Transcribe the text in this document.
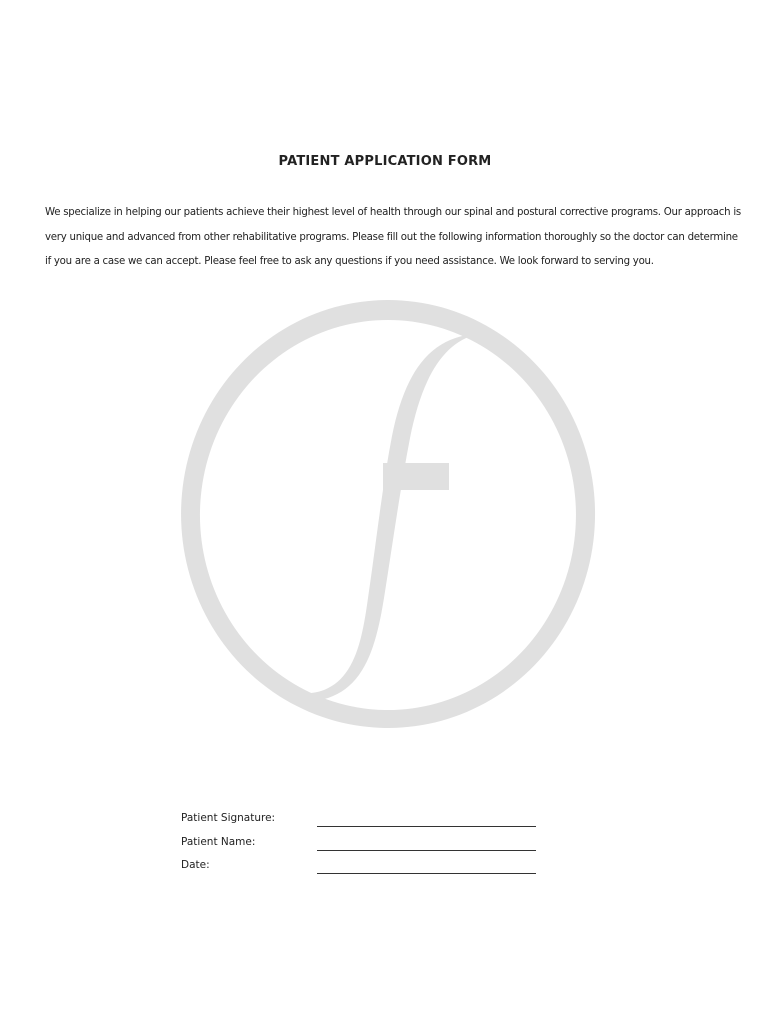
PATIENT APPLICATION FORM
We specialize in helping our patients achieve their highest level of health through our spinal and postural corrective programs. Our approach is very unique and advanced from other rehabilitative programs. Please fill out the following information thoroughly so the doctor can determine if you are a case we can accept. Please feel free to ask any questions if you need assistance. We look forward to serving you.
Patient Signature:
Patient Name:
Date:
